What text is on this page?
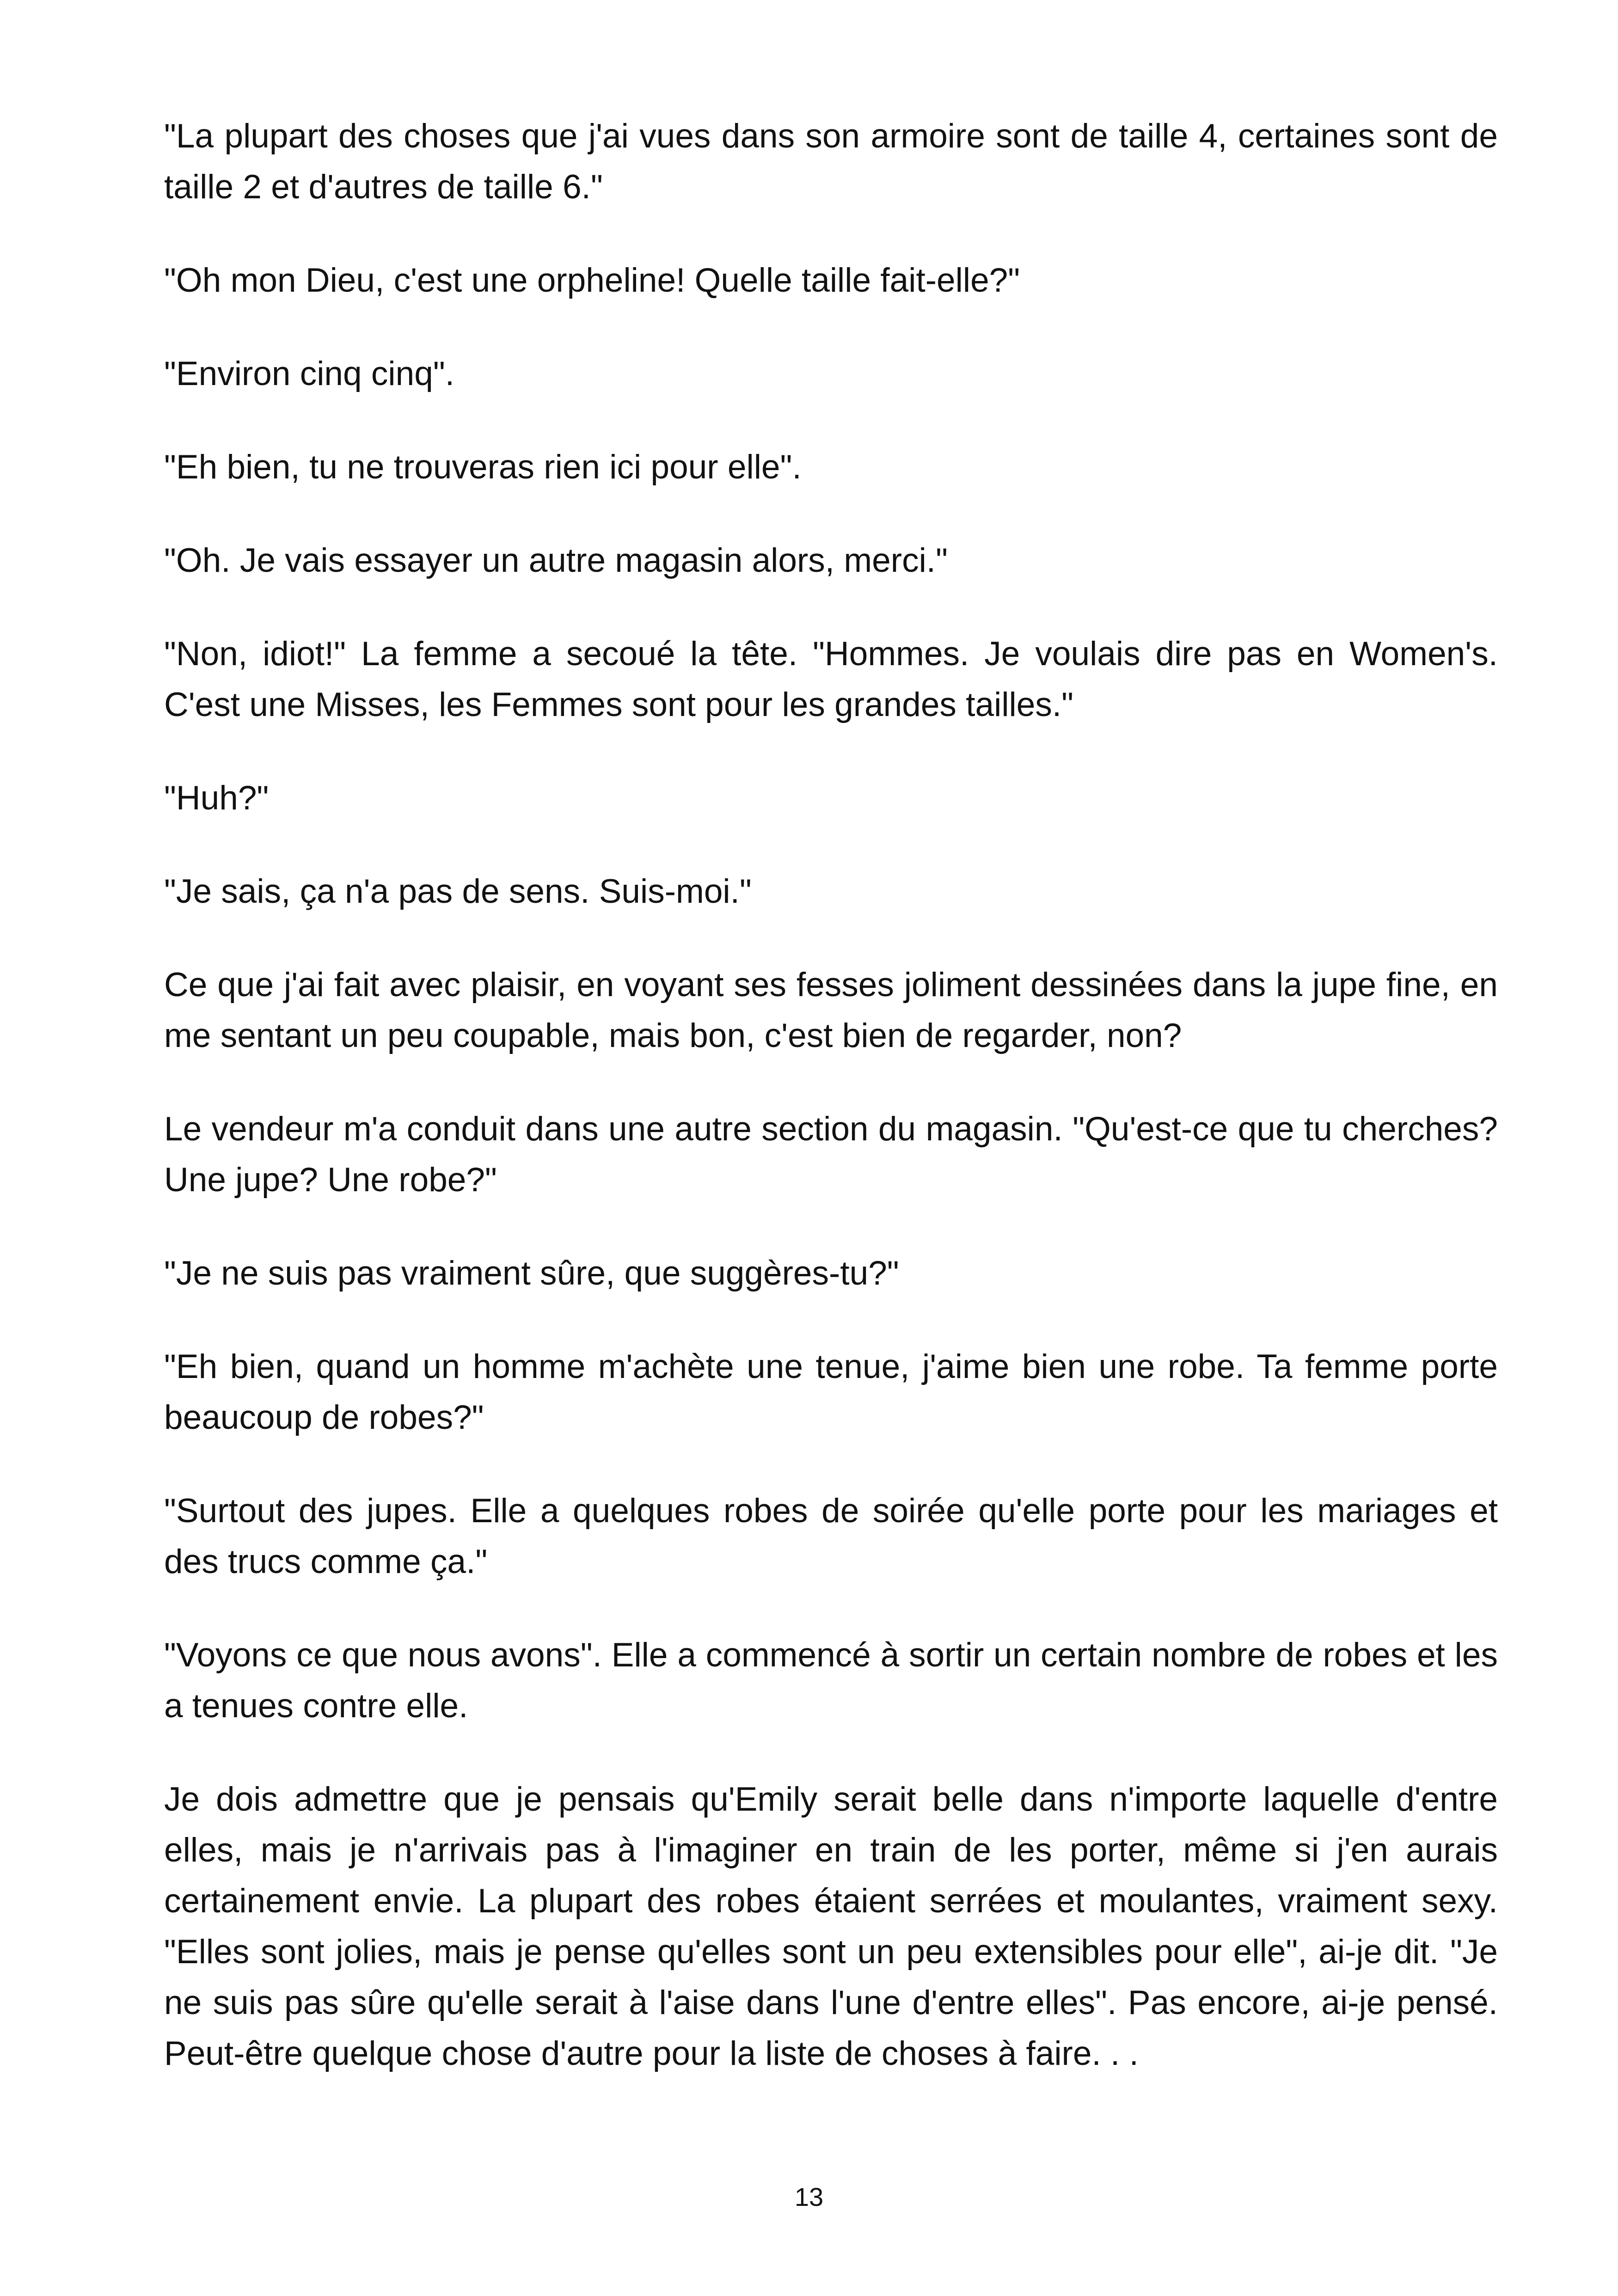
"La plupart des choses que j'ai vues dans son armoire sont de taille 4, certaines sont de taille 2 et d'autres de taille 6."

"Oh mon Dieu, c'est une orpheline! Quelle taille fait-elle?"

"Environ cinq cinq".

"Eh bien, tu ne trouveras rien ici pour elle".

"Oh. Je vais essayer un autre magasin alors, merci."

"Non, idiot!" La femme a secoué la tête. "Hommes. Je voulais dire pas en Women's. C'est une Misses, les Femmes sont pour les grandes tailles."

"Huh?"

"Je sais, ça n'a pas de sens. Suis-moi."

Ce que j'ai fait avec plaisir, en voyant ses fesses joliment dessinées dans la jupe fine, en me sentant un peu coupable, mais bon, c'est bien de regarder, non?

Le vendeur m'a conduit dans une autre section du magasin. "Qu'est-ce que tu cherches? Une jupe? Une robe?"

"Je ne suis pas vraiment sûre, que suggères-tu?"

"Eh bien, quand un homme m'achète une tenue, j'aime bien une robe. Ta femme porte beaucoup de robes?"

"Surtout des jupes. Elle a quelques robes de soirée qu'elle porte pour les mariages et des trucs comme ça."

"Voyons ce que nous avons". Elle a commencé à sortir un certain nombre de robes et les a tenues contre elle.

Je dois admettre que je pensais qu'Emily serait belle dans n'importe laquelle d'entre elles, mais je n'arrivais pas à l'imaginer en train de les porter, même si j'en aurais certainement envie. La plupart des robes étaient serrées et moulantes, vraiment sexy. "Elles sont jolies, mais je pense qu'elles sont un peu extensibles pour elle", ai-je dit. "Je ne suis pas sûre qu'elle serait à l'aise dans l'une d'entre elles". Pas encore, ai-je pensé. Peut-être quelque chose d'autre pour la liste de choses à faire. . .

13
